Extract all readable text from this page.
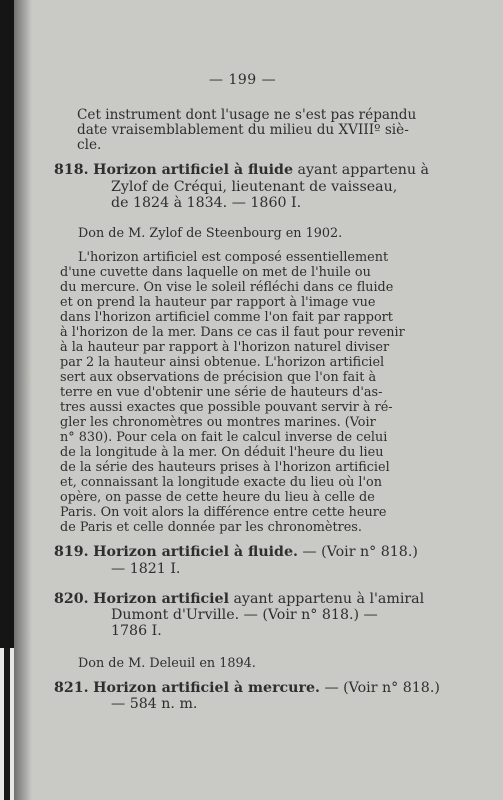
— 199 —
Cet instrument dont l'usage ne s'est pas répandu
date vraisemblablement du milieu du XVIIIº siè-
cle.
818. Horizon artificiel à fluide ayant appartenu à
Zylof de Créqui, lieutenant de vaisseau,
de 1824 à 1834. — 1860 I.
Don de M. Zylof de Steenbourg en 1902.
L'horizon artificiel est composé essentiellement
d'une cuvette dans laquelle on met de l'huile ou
du mercure. On vise le soleil réfléchi dans ce fluide
et on prend la hauteur par rapport à l'image vue
dans l'horizon artificiel comme l'on fait par rapport
à l'horizon de la mer. Dans ce cas il faut pour revenir
à la hauteur par rapport à l'horizon naturel diviser
par 2 la hauteur ainsi obtenue. L'horizon artificiel
sert aux observations de précision que l'on fait à
terre en vue d'obtenir une série de hauteurs d'as-
tres aussi exactes que possible pouvant servir à ré-
gler les chronomètres ou montres marines. (Voir
n° 830). Pour cela on fait le calcul inverse de celui
de la longitude à la mer. On déduit l'heure du lieu
de la série des hauteurs prises à l'horizon artificiel
et, connaissant la longitude exacte du lieu où l'on
opère, on passe de cette heure du lieu à celle de
Paris. On voit alors la différence entre cette heure
de Paris et celle donnée par les chronomètres.
819. Horizon artificiel à fluide. — (Voir n° 818.)
— 1821 I.
820. Horizon artificiel ayant appartenu à l'amiral
Dumont d'Urville. — (Voir n° 818.) —
1786 I.
Don de M. Deleuil en 1894.
821. Horizon artificiel à mercure. — (Voir n° 818.)
— 584 n. m.
